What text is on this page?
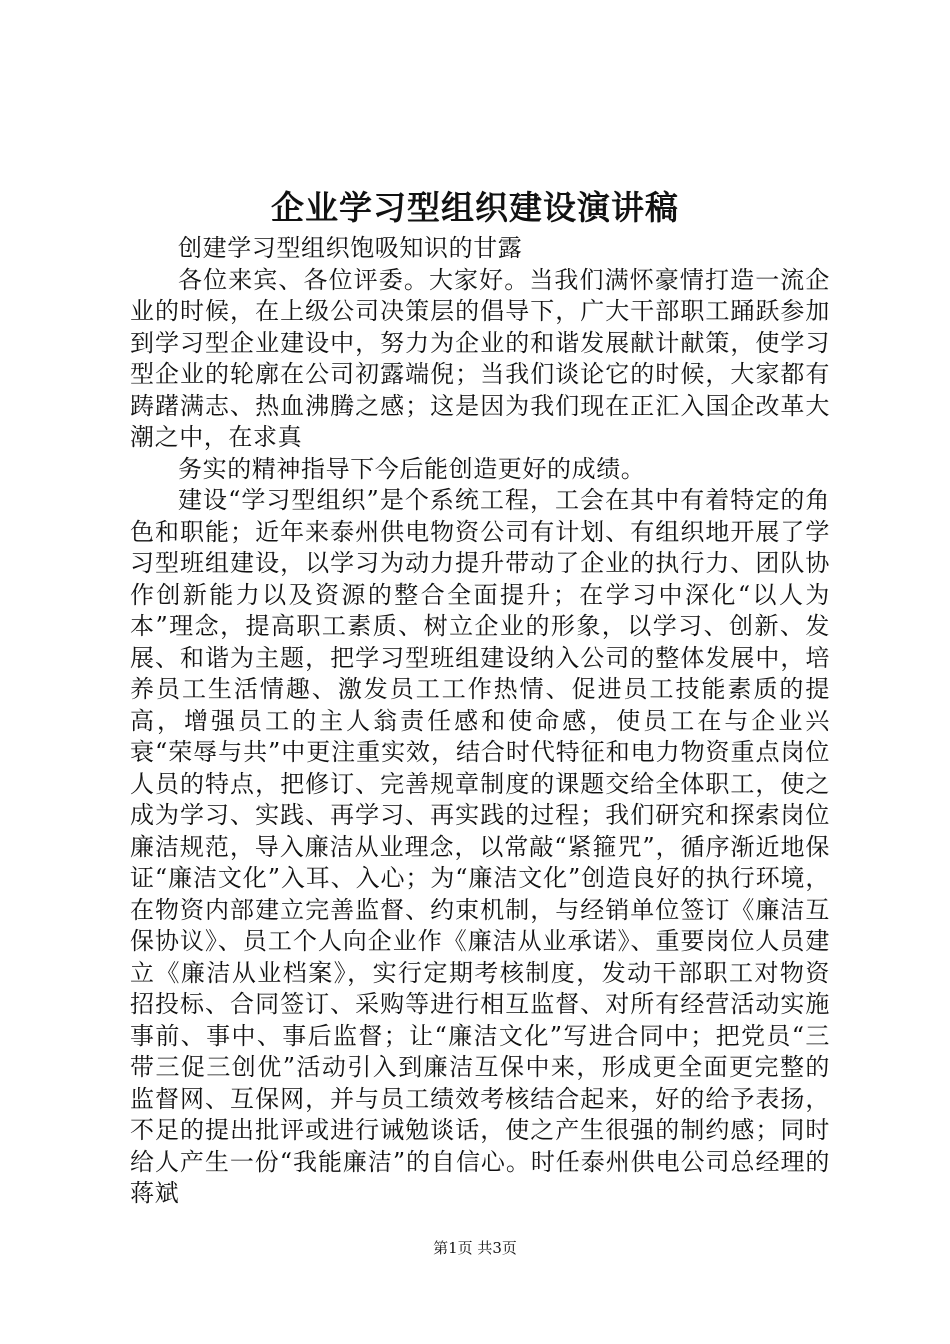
企业学习型组织建设演讲稿

创建学习型组织饱吸知识的甘露

各位来宾、各位评委。大家好。当我们满怀豪情打造一流企业的时候，在上级公司决策层的倡导下，广大干部职工踊跃参加到学习型企业建设中，努力为企业的和谐发展献计献策，使学习型企业的轮廓在公司初露端倪；当我们谈论它的时候，大家都有踌躇满志、热血沸腾之感；这是因为我们现在正汇入国企改革大潮之中，在求真

务实的精神指导下今后能创造更好的成绩。

建设“学习型组织”是个系统工程，工会在其中有着特定的角色和职能；近年来泰州供电物资公司有计划、有组织地开展了学习型班组建设，以学习为动力提升带动了企业的执行力、团队协作创新能力以及资源的整合全面提升；在学习中深化“以人为本”理念，提高职工素质、树立企业的形象，以学习、创新、发展、和谐为主题，把学习型班组建设纳入公司的整体发展中，培养员工生活情趣、激发员工工作热情、促进员工技能素质的提高，增强员工的主人翁责任感和使命感，使员工在与企业兴衰“荣辱与共”中更注重实效，结合时代特征和电力物资重点岗位人员的特点，把修订、完善规章制度的课题交给全体职工，使之成为学习、实践、再学习、再实践的过程；我们研究和探索岗位廉洁规范，导入廉洁从业理念，以常敲“紧箍咒”，循序渐近地保证“廉洁文化”入耳、入心；为“廉洁文化”创造良好的执行环境，在物资内部建立完善监督、约束机制，与经销单位签订《廉洁互保协议》、员工个人向企业作《廉洁从业承诺》、重要岗位人员建立《廉洁从业档案》，实行定期考核制度，发动干部职工对物资招投标、合同签订、采购等进行相互监督、对所有经营活动实施事前、事中、事后监督；让“廉洁文化”写进合同中；把党员“三带三促三创优”活动引入到廉洁互保中来，形成更全面更完整的监督网、互保网，并与员工绩效考核结合起来，好的给予表扬，不足的提出批评或进行诫勉谈话，使之产生很强的制约感；同时给人产生一份“我能廉洁”的自信心。时任泰州供电公司总经理的蒋斌

第1页 共3页
